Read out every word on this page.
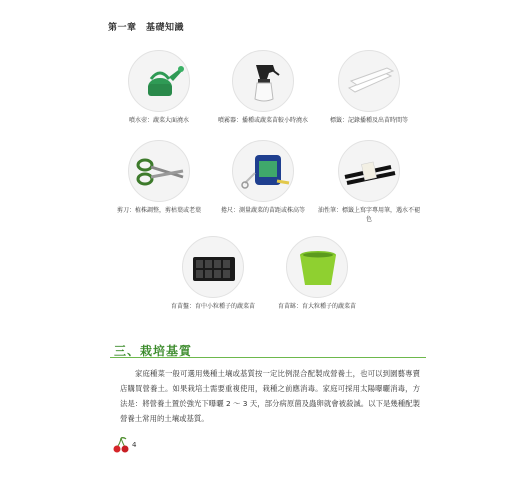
第一章　基礎知識
噴水壺：蔬菜大面澆水	噴霧器：播種或蔬菜苗較小時澆水	標籤：記錄播種及出苗時間等
剪刀：植株調整，剪枯葉或老葉	捲尺：測量蔬菜的苗距或株高等	油性筆：標籤上寫字專用筆，遇水不褪色
育苗盤：育中小粒種子的蔬菜苗	育苗缽：育大粒種子的蔬菜苗
三、栽培基質
　　家庭種菜一般可選用幾種土壤或基質按一定比例混合配製成營養土，也可以到園藝專賣店購買營養土。如果栽培土需要重複使用，栽種之前應消毒。家庭可採用太陽曝曬消毒，方法是：將營養土置於強光下曝曬 2 ～ 3 天，部分病原菌及蟲卵就會被殺滅。以下是幾種配製營養土常用的土壤或基質。
4
